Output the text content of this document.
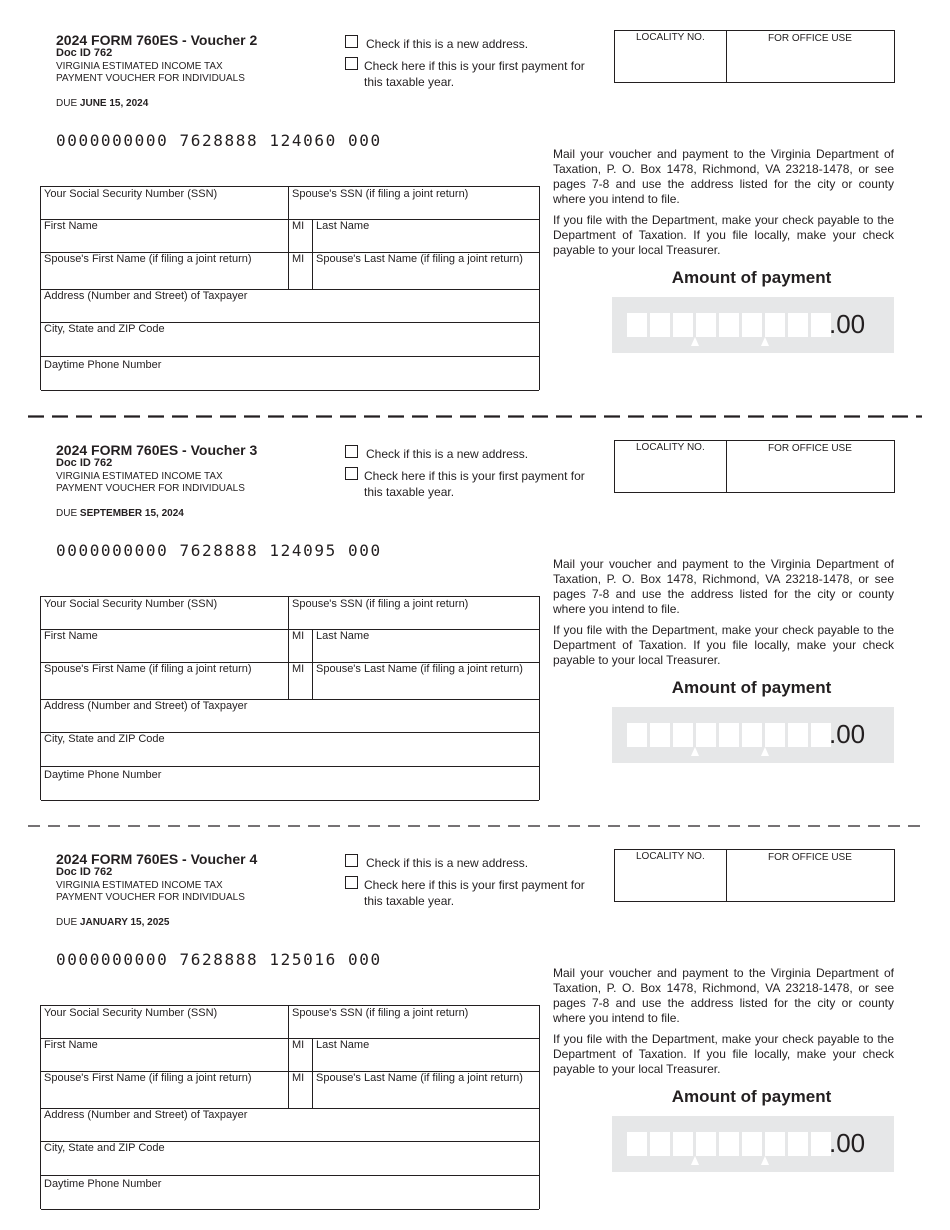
2024 FORM 760ES - Voucher 2
Doc ID 762
VIRGINIA ESTIMATED INCOME TAX
PAYMENT VOUCHER FOR INDIVIDUALS
DUE JUNE 15, 2024
0000000000 7628888 124060 000
Check if this is a new address.
Check here if this is your first payment for this taxable year.
LOCALITY NO.	FOR OFFICE USE
Your Social Security Number (SSN)	Spouse's SSN (if filing a joint return)
First Name	MI	Last Name
Spouse's First Name (if filing a joint return)	MI	Spouse's Last Name (if filing a joint return)
Address (Number and Street) of Taxpayer
City, State and ZIP Code
Daytime Phone Number
Mail your voucher and payment to the Virginia Department of Taxation, P. O. Box 1478, Richmond, VA 23218-1478, or see pages 7-8 and use the address listed for the city or county where you intend to file.
If you file with the Department, make your check payable to the Department of Taxation. If you file locally, make your check payable to your local Treasurer.
Amount of payment
.00
2024 FORM 760ES - Voucher 3
Doc ID 762
VIRGINIA ESTIMATED INCOME TAX
PAYMENT VOUCHER FOR INDIVIDUALS
DUE SEPTEMBER 15, 2024
0000000000 7628888 124095 000
Check if this is a new address.
Check here if this is your first payment for this taxable year.
LOCALITY NO.	FOR OFFICE USE
Your Social Security Number (SSN)	Spouse's SSN (if filing a joint return)
First Name	MI	Last Name
Spouse's First Name (if filing a joint return)	MI	Spouse's Last Name (if filing a joint return)
Address (Number and Street) of Taxpayer
City, State and ZIP Code
Daytime Phone Number
Mail your voucher and payment to the Virginia Department of Taxation, P. O. Box 1478, Richmond, VA 23218-1478, or see pages 7-8 and use the address listed for the city or county where you intend to file.
If you file with the Department, make your check payable to the Department of Taxation. If you file locally, make your check payable to your local Treasurer.
Amount of payment
.00
2024 FORM 760ES - Voucher 4
Doc ID 762
VIRGINIA ESTIMATED INCOME TAX
PAYMENT VOUCHER FOR INDIVIDUALS
DUE JANUARY 15, 2025
0000000000 7628888 125016 000
Check if this is a new address.
Check here if this is your first payment for this taxable year.
LOCALITY NO.	FOR OFFICE USE
Your Social Security Number (SSN)	Spouse's SSN (if filing a joint return)
First Name	MI	Last Name
Spouse's First Name (if filing a joint return)	MI	Spouse's Last Name (if filing a joint return)
Address (Number and Street) of Taxpayer
City, State and ZIP Code
Daytime Phone Number
Mail your voucher and payment to the Virginia Department of Taxation, P. O. Box 1478, Richmond, VA 23218-1478, or see pages 7-8 and use the address listed for the city or county where you intend to file.
If you file with the Department, make your check payable to the Department of Taxation. If you file locally, make your check payable to your local Treasurer.
Amount of payment
.00
